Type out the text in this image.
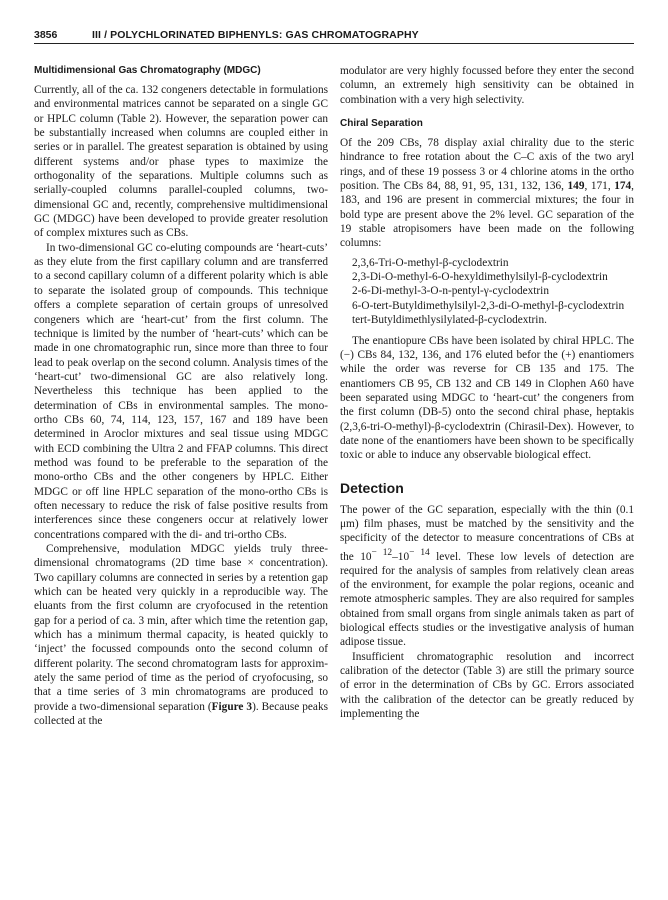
3856	III / POLYCHLORINATED BIPHENYLS: GAS CHROMATOGRAPHY
Multidimensional Gas Chromatography (MDGC)

Currently, all of the ca. 132 congeners detectable in formulations and environmental matrices cannot be separated on a single GC or HPLC column (Table 2). However, the separation power can be substantially increased when columns are coupled either in series or in parallel. The greatest separation is obtained by using different systems and/or phase types to maximize the orthogonality of the separations. Multiple columns such as serially-coupled columns parallel-coupled columns, two-dimensional GC and, recently, comprehensive multidimensional GC (MDGC) have been developed to provide greater resolution of complex mixtures such as CBs.

In two-dimensional GC co-eluting compounds are ‘heart-cuts’ as they elute from the first capillary column and are transferred to a second capillary column of a different polarity which is able to separate the isolated group of compounds. This technique offers a complete separation of certain groups of unresolved congeners which are ‘heart-cut’ from the first column. The technique is limited by the number of ‘heart-cuts’ which can be made in one chromatographic run, since more than three to four lead to peak overlap on the second column. Analysis times of the ‘heart-cut’ two-dimensional GC are also relatively long. Nevertheless this technique has been applied to the determination of CBs in environmental samples. The mono-ortho CBs 60, 74, 114, 123, 157, 167 and 189 have been determined in Aroclor mixtures and seal tissue using MDGC with ECD combining the Ultra 2 and FFAP columns. This direct method was found to be preferable to the separation of the mono-ortho CBs and the other congeners by HPLC. Either MDGC or off line HPLC separation of the mono-ortho CBs is often necessary to reduce the risk of false positive results from interferences since these congeners occur at relatively lower concentrations compared with the di- and tri-ortho CBs.

Comprehensive, modulation MDGC yields truly three-dimensional chromatograms (2D time base × concentration). Two capillary columns are connected in series by a retention gap which can be heated very quickly in a reproducible way. The eluants from the first column are cryofocused in the retention gap for a period of ca. 3 min, after which time the retention gap, which has a minimum thermal capacity, is heated quickly to ‘inject’ the focussed compounds onto the second column of different polarity. The second chromatogram lasts for approximately the same period of time as the period of cryofocusing, so that a time series of 3 min chromatograms are produced to provide a two-dimensional separation (Figure 3). Because peaks collected at the

modulator are very highly focussed before they enter the second column, an extremely high sensitivity can be obtained in combination with a very high selectivity.

Chiral Separation

Of the 209 CBs, 78 display axial chirality due to the steric hindrance to free rotation about the C–C axis of the two aryl rings, and of these 19 possess 3 or 4 chlorine atoms in the ortho position. The CBs 84, 88, 91, 95, 131, 132, 136, 149, 171, 174, 183, and 196 are present in commercial mixtures; the four in bold type are present above the 2% level. GC separation of the 19 stable atropisomers have been made on the following columns:

2,3,6-Tri-O-methyl-β-cyclodextrin
2,3-Di-O-methyl-6-O-hexyldimethylsilyl-β-cyclodextrin
2-6-Di-methyl-3-O-n-pentyl-γ-cyclodextrin
6-O-tert-Butyldimethylsilyl-2,3-di-O-methyl-β-cyclodextrin
tert-Butyldimethlysilylated-β-cyclodextrin.

The enantiopure CBs have been isolated by chiral HPLC. The (−) CBs 84, 132, 136, and 176 eluted befor the (+) enantiomers while the order was reverse for CB 135 and 175. The enantiomers CB 95, CB 132 and CB 149 in Clophen A60 have been separated using MDGC to ‘heart-cut’ the congeners from the first column (DB-5) onto the second chiral phase, heptakis (2,3,6-tri-O-methyl)-β-cyclodextrin (Chirasil-Dex). However, to date none of the enantiomers have been shown to be specifically toxic or able to induce any observable biological effect.

Detection

The power of the GC separation, especially with the thin (0.1 μm) film phases, must be matched by the sensitivity and the specificity of the detector to measure concentrations of CBs at the $10^{- 12}-10^{- 14}$ level. These low levels of detection are required for the analysis of samples from relatively clean areas of the environment, for example the polar regions, oceanic and remote atmospheric samples. They are also required for samples obtained from small organs from single animals taken as part of biological effects studies or the investigative analysis of human adipose tissue.

Insufficient chromatographic resolution and incorrect calibration of the detector (Table 3) are still the primary source of error in the determination of CBs by GC. Errors associated with the calibration of the detector can be greatly reduced by implementing the
